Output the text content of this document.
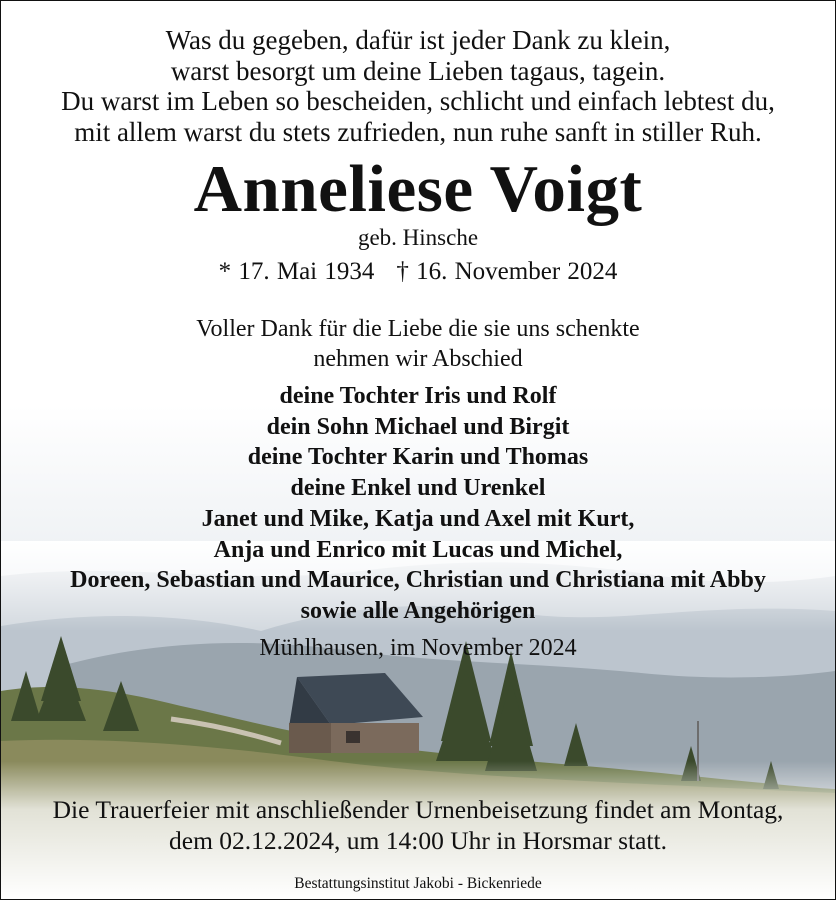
Was du gegeben, dafür ist jeder Dank zu klein,
warst besorgt um deine Lieben tagaus, tagein.
Du warst im Leben so bescheiden, schlicht und einfach lebtest du,
mit allem warst du stets zufrieden, nun ruhe sanft in stiller Ruh.
Anneliese Voigt
geb. Hinsche
* 17. Mai 1934 † 16. November 2024
Voller Dank für die Liebe die sie uns schenkte
nehmen wir Abschied
deine Tochter Iris und Rolf
dein Sohn Michael und Birgit
deine Tochter Karin und Thomas
deine Enkel und Urenkel
Janet und Mike, Katja und Axel mit Kurt,
Anja und Enrico mit Lucas und Michel,
Doreen, Sebastian und Maurice, Christian und Christiana mit Abby
sowie alle Angehörigen
Mühlhausen, im November 2024
Die Trauerfeier mit anschließender Urnenbeisetzung findet am Montag,
dem 02.12.2024, um 14:00 Uhr in Horsmar statt.
Bestattungsinstitut Jakobi - Bickenriede
